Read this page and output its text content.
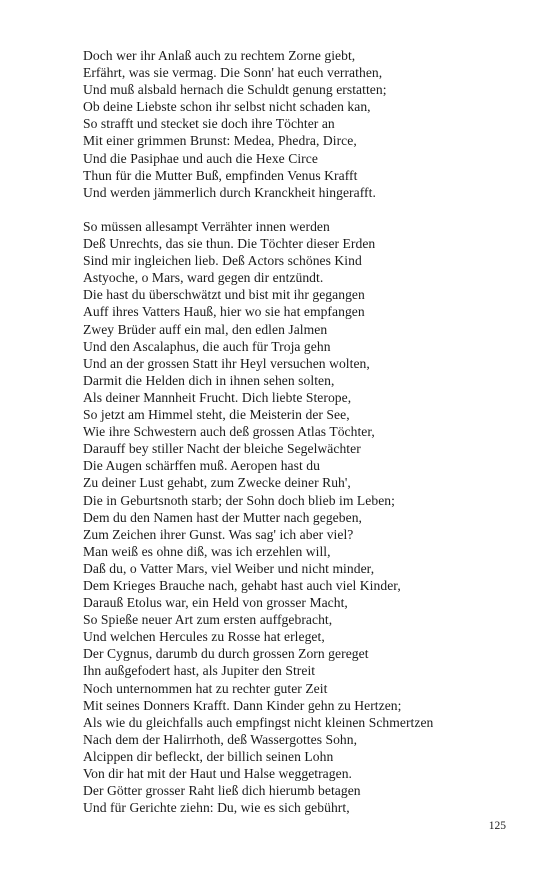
Doch wer ihr Anlaß auch zu rechtem Zorne giebt,
Erfährt, was sie vermag. Die Sonn' hat euch verrathen,
Und muß alsbald hernach die Schuldt genung erstatten;
Ob deine Liebste schon ihr selbst nicht schaden kan,
So strafft und stecket sie doch ihre Töchter an
Mit einer grimmen Brunst: Medea, Phedra, Dirce,
Und die Pasiphae und auch die Hexe Circe
Thun für die Mutter Buß, empfinden Venus Krafft
Und werden jämmerlich durch Kranckheit hingerafft.
So müssen allesampt Verrähter innen werden
Deß Unrechts, das sie thun. Die Töchter dieser Erden
Sind mir ingleichen lieb. Deß Actors schönes Kind
Astyoche, o Mars, ward gegen dir entzündt.
Die hast du überschwätzt und bist mit ihr gegangen
Auff ihres Vatters Hauß, hier wo sie hat empfangen
Zwey Brüder auff ein mal, den edlen Jalmen
Und den Ascalaphus, die auch für Troja gehn
Und an der grossen Statt ihr Heyl versuchen wolten,
Darmit die Helden dich in ihnen sehen solten,
Als deiner Mannheit Frucht. Dich liebte Sterope,
So jetzt am Himmel steht, die Meisterin der See,
Wie ihre Schwestern auch deß grossen Atlas Töchter,
Darauff bey stiller Nacht der bleiche Segelwächter
Die Augen schärffen muß. Aeropen hast du
Zu deiner Lust gehabt, zum Zwecke deiner Ruh',
Die in Geburtsnoth starb; der Sohn doch blieb im Leben;
Dem du den Namen hast der Mutter nach gegeben,
Zum Zeichen ihrer Gunst. Was sag' ich aber viel?
Man weiß es ohne diß, was ich erzehlen will,
Daß du, o Vatter Mars, viel Weiber und nicht minder,
Dem Krieges Brauche nach, gehabt hast auch viel Kinder,
Darauß Etolus war, ein Held von grosser Macht,
So Spieße neuer Art zum ersten auffgebracht,
Und welchen Hercules zu Rosse hat erleget,
Der Cygnus, darumb du durch grossen Zorn gereget
Ihn außgefodert hast, als Jupiter den Streit
Noch unternommen hat zu rechter guter Zeit
Mit seines Donners Krafft. Dann Kinder gehn zu Hertzen;
Als wie du gleichfalls auch empfingst nicht kleinen Schmertzen
Nach dem der Halirrhoth, deß Wassergottes Sohn,
Alcippen dir befleckt, der billich seinen Lohn
Von dir hat mit der Haut und Halse weggetragen.
Der Götter grosser Raht ließ dich hierumb betagen
Und für Gerichte ziehn: Du, wie es sich gebührt,
125
